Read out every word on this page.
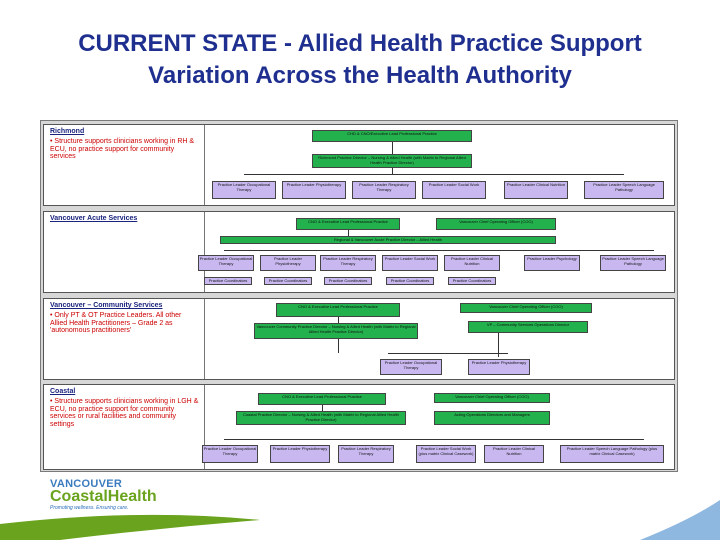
CURRENT STATE - Allied Health Practice Support
Variation Across the Health Authority
Richmond
• Structure supports clinicians working in RH & ECU, no practice support for community services
CHD & CNO/Executive Lead Professional Practice
Richmond Practice Director – Nursing & Allied Health (with Matrix to Regional Allied Health Practice Director)
Practice Leader Occupational Therapy
Practice Leader Physiotherapy	Practice Leader Respiratory Therapy
Practice Leader Social Work	Practice Leader Clinical Nutrition	Practice Leader Speech Language Pathology
Vancouver Acute Services	CNO & Executive Lead Professional Practice	Vancouver Chief Operating Officer (COO)
Regional & Vancouver Acute Practice Director – Allied Health
Practice Leader Occupational Therapy
Practice Leader Physiotherapy
Practice Leader Respiratory Therapy
Practice Leader Social Work	Practice Leader Clinical Nutrition
Practice Leader Psychology	Practice Leader Speech Language Pathology
Practice Coordinators	Practice Coordinators	Practice Coordinators	Practice Coordinators	Practice Coordinators
Vancouver – Community Services
• Only PT & OT Practice Leaders. All other Allied Health Practitioners – Grade 2 as 'autonomous practitioners'
CNO & Executive Lead Professional Practice	Vancouver Chief Operating Officer (COO)
Vancouver Community Practice Director – Nursing & Allied Health (with Matrix to Regional Allied Health Practice Director)
VP – Community Services Operations Director
Practice Leader Occupational Therapy
Practice Leader Physiotherapy
Coastal
• Structure supports clinicians working in LGH & ECU, no practice support for community services or rural facilities and community settings
CNO & Executive Lead Professional Practice	Vancouver Chief Operating Officer (COO)
Coastal Practice Director – Nursing & Allied Health (with Matrix to Regional Allied Health Practice Director)
Acting Operations Directors and Managers
Practice Leader Occupational Therapy
Practice Leader Physiotherapy	Practice Leader Respiratory Therapy
Practice Leader Social Work (plus matrix Clinical Casework)
Practice Leader Clinical Nutrition
Practice Leader Speech Language Pathology (plus matrix Clinical Casework)
VANCOUVER
CoastalHealth
Promoting wellness. Ensuring care.
